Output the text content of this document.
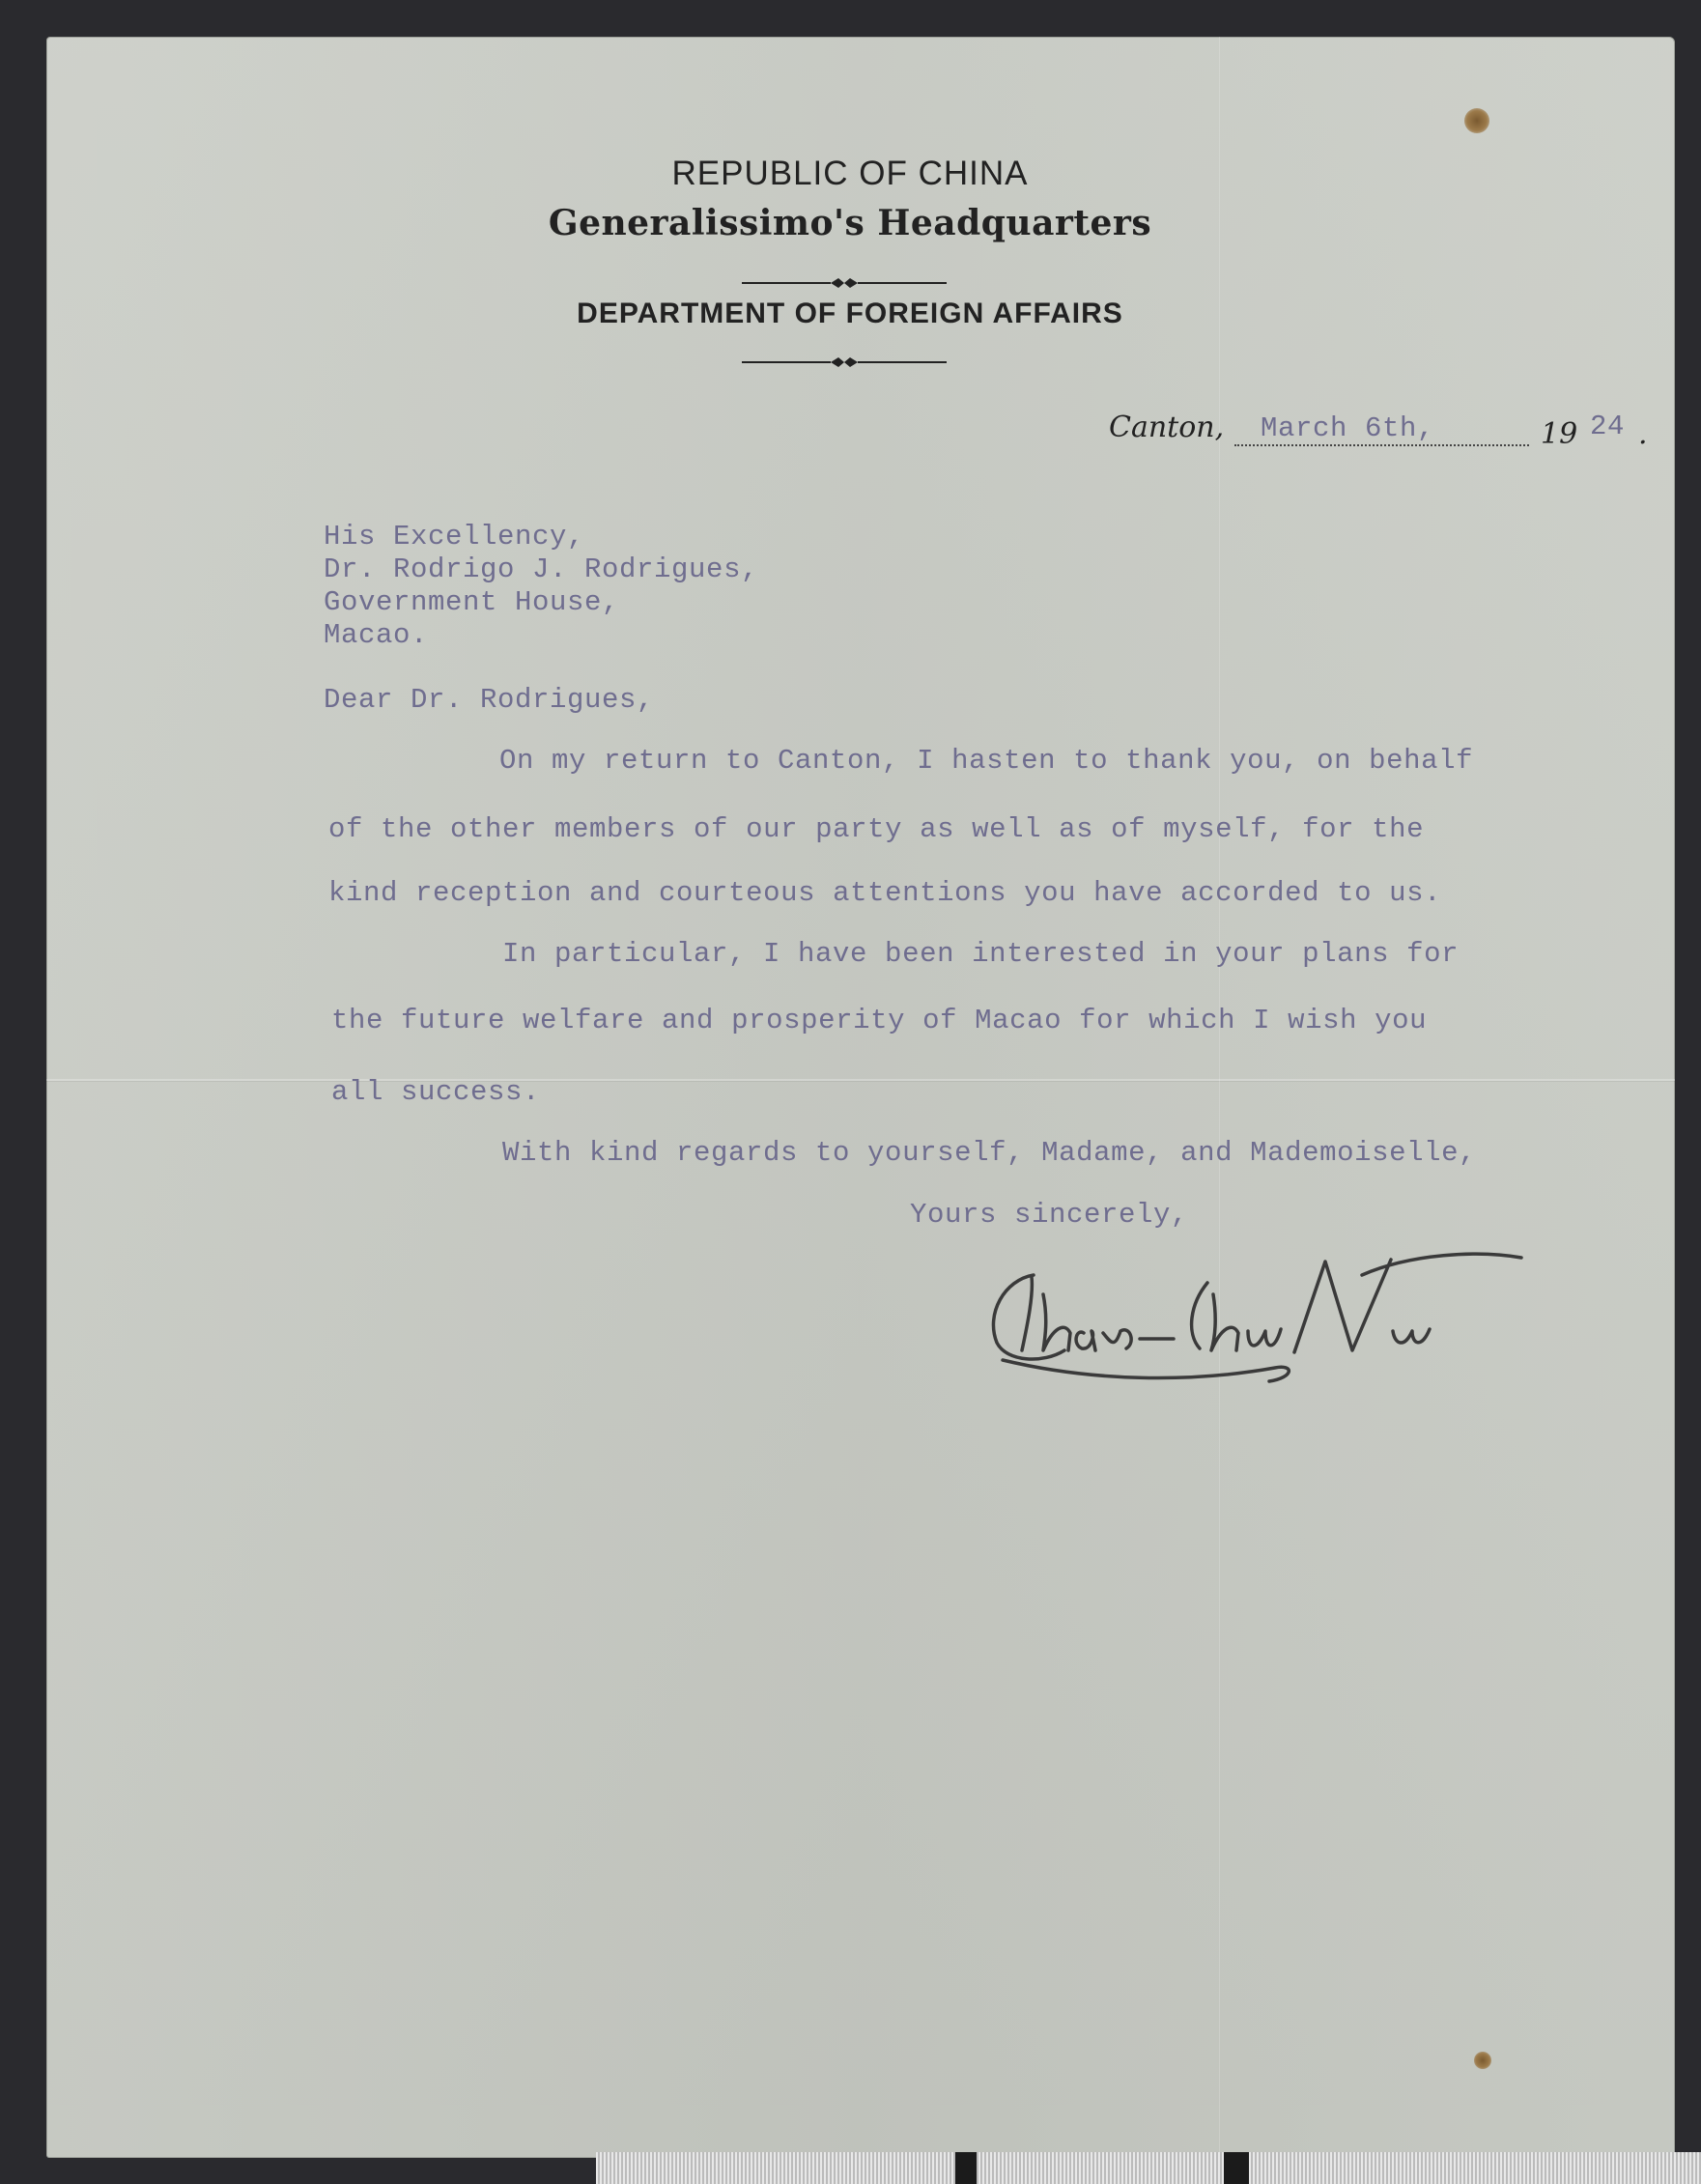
REPUBLIC OF CHINA
Generalissimo's Headquarters
DEPARTMENT OF FOREIGN AFFAIRS
Canton, March 6th,	19 24 .
His Excellency,
Dr. Rodrigo J. Rodrigues,
Government House,
Macao.
Dear Dr. Rodrigues,
On my return to Canton, I hasten to thank you, on behalf
of the other members of our party as well as of myself, for the
kind reception and courteous attentions you have accorded to us.
In particular, I have been interested in your plans for
the future welfare and prosperity of Macao for which I wish you
all success.
With kind regards to yourself, Madame, and Mademoiselle,
Yours sincerely,
